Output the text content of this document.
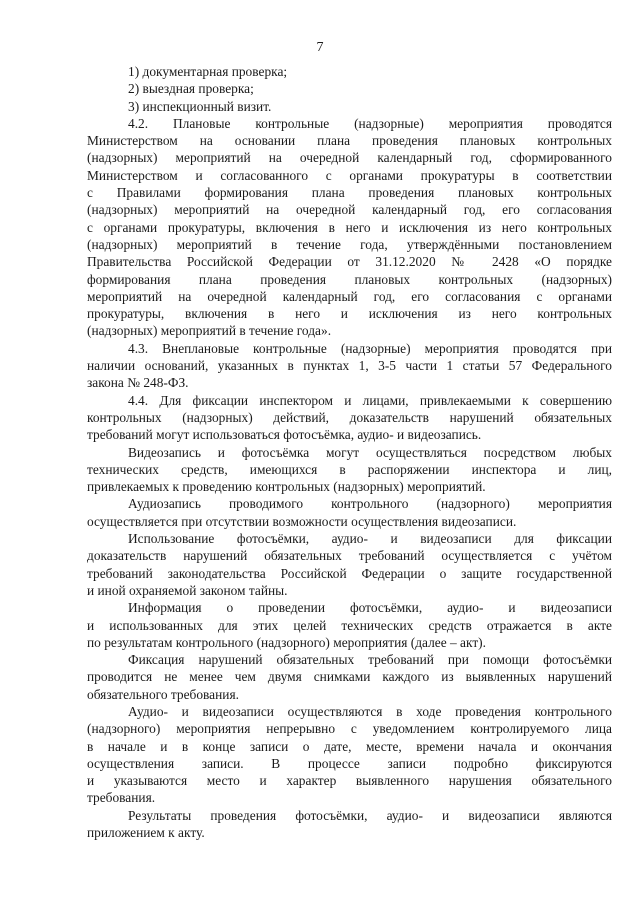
7
1) документарная проверка;
2) выездная проверка;
3) инспекционный визит.
4.2. Плановые контрольные (надзорные) мероприятия проводятся
Министерством на основании плана проведения плановых контрольных
(надзорных) мероприятий на очередной календарный год, сформированного
Министерством и согласованного с органами прокуратуры в соответствии
с Правилами формирования плана проведения плановых контрольных
(надзорных) мероприятий на очередной календарный год, его согласования
с органами прокуратуры, включения в него и исключения из него контрольных
(надзорных) мероприятий в течение года, утверждёнными постановлением
Правительства Российской Федерации от 31.12.2020 № 2428 «О порядке
формирования плана проведения плановых контрольных (надзорных)
мероприятий на очередной календарный год, его согласования с органами
прокуратуры, включения в него и исключения из него контрольных
(надзорных) мероприятий в течение года».
4.3. Внеплановые контрольные (надзорные) мероприятия проводятся при
наличии оснований, указанных в пунктах 1, 3-5 части 1 статьи 57 Федерального
закона № 248-ФЗ.
4.4. Для фиксации инспектором и лицами, привлекаемыми к совершению
контрольных (надзорных) действий, доказательств нарушений обязательных
требований могут использоваться фотосъёмка, аудио- и видеозапись.
Видеозапись и фотосъёмка могут осуществляться посредством любых
технических средств, имеющихся в распоряжении инспектора и лиц,
привлекаемых к проведению контрольных (надзорных) мероприятий.
Аудиозапись проводимого контрольного (надзорного) мероприятия
осуществляется при отсутствии возможности осуществления видеозаписи.
Использование фотосъёмки, аудио- и видеозаписи для фиксации
доказательств нарушений обязательных требований осуществляется с учётом
требований законодательства Российской Федерации о защите государственной
и иной охраняемой законом тайны.
Информация о проведении фотосъёмки, аудио- и видеозаписи
и использованных для этих целей технических средств отражается в акте
по результатам контрольного (надзорного) мероприятия (далее – акт).
Фиксация нарушений обязательных требований при помощи фотосъёмки
проводится не менее чем двумя снимками каждого из выявленных нарушений
обязательного требования.
Аудио- и видеозаписи осуществляются в ходе проведения контрольного
(надзорного) мероприятия непрерывно с уведомлением контролируемого лица
в начале и в конце записи о дате, месте, времени начала и окончания
осуществления записи. В процессе записи подробно фиксируются
и указываются место и характер выявленного нарушения обязательного
требования.
Результаты проведения фотосъёмки, аудио- и видеозаписи являются
приложением к акту.
